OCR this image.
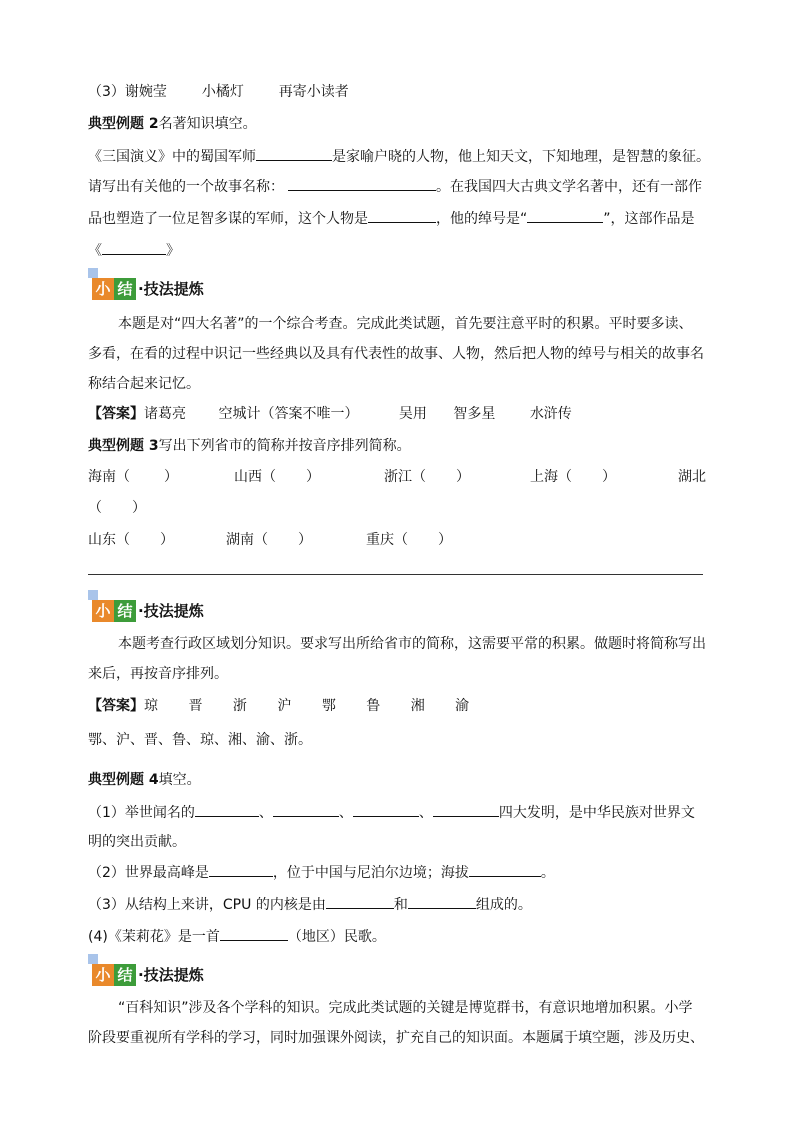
（3）谢婉莹 小橘灯 再寄小读者
典型例题 2名著知识填空。
《三国演义》中的蜀国军师	是家喻户晓的人物，他上知天文，下知地理，是智慧的象征。
请写出有关他的一个故事名称：	。在我国四大古典文学名著中，还有一部作
品也塑造了一位足智多谋的军师，这个人物是	，他的绰号是“	”，这部作品是
《	》
小 结 ·技法提炼
本题是对“四大名著”的一个综合考查。完成此类试题，首先要注意平时的积累。平时要多读、
多看，在看的过程中识记一些经典以及具有代表性的故事、人物，然后把人物的绰号与相关的故事名
称结合起来记忆。
【答案】诸葛亮 空城计（答案不唯一）	吴用 智多星 水浒传
典型例题 3写出下列省市的简称并按音序排列简称。
海南（ ）	山西（ ）	浙江（ ）	上海（ ）	湖北
（ ）
山东（ ）	湖南（ ）	重庆（ ）
小 结 ·技法提炼
本题考查行政区域划分知识。要求写出所给省市的简称，这需要平常的积累。做题时将简称写出
来后，再按音序排列。
【答案】琼 晋 浙 沪 鄂 鲁 湘 渝
鄂、沪、晋、鲁、琼、湘、渝、浙。
典型例题 4填空。
（1）举世闻名的	、	、	、	四大发明，是中华民族对世界文
明的突出贡献。
（2）世界最高峰是	，位于中国与尼泊尔边境；海拔	。
（3）从结构上来讲，CPU 的内核是由	和	组成的。
(4)《茉莉花》是一首	（地区）民歌。
小 结 ·技法提炼
“百科知识”涉及各个学科的知识。完成此类试题的关键是博览群书，有意识地增加积累。小学
阶段要重视所有学科的学习，同时加强课外阅读，扩充自己的知识面。本题属于填空题，涉及历史、
